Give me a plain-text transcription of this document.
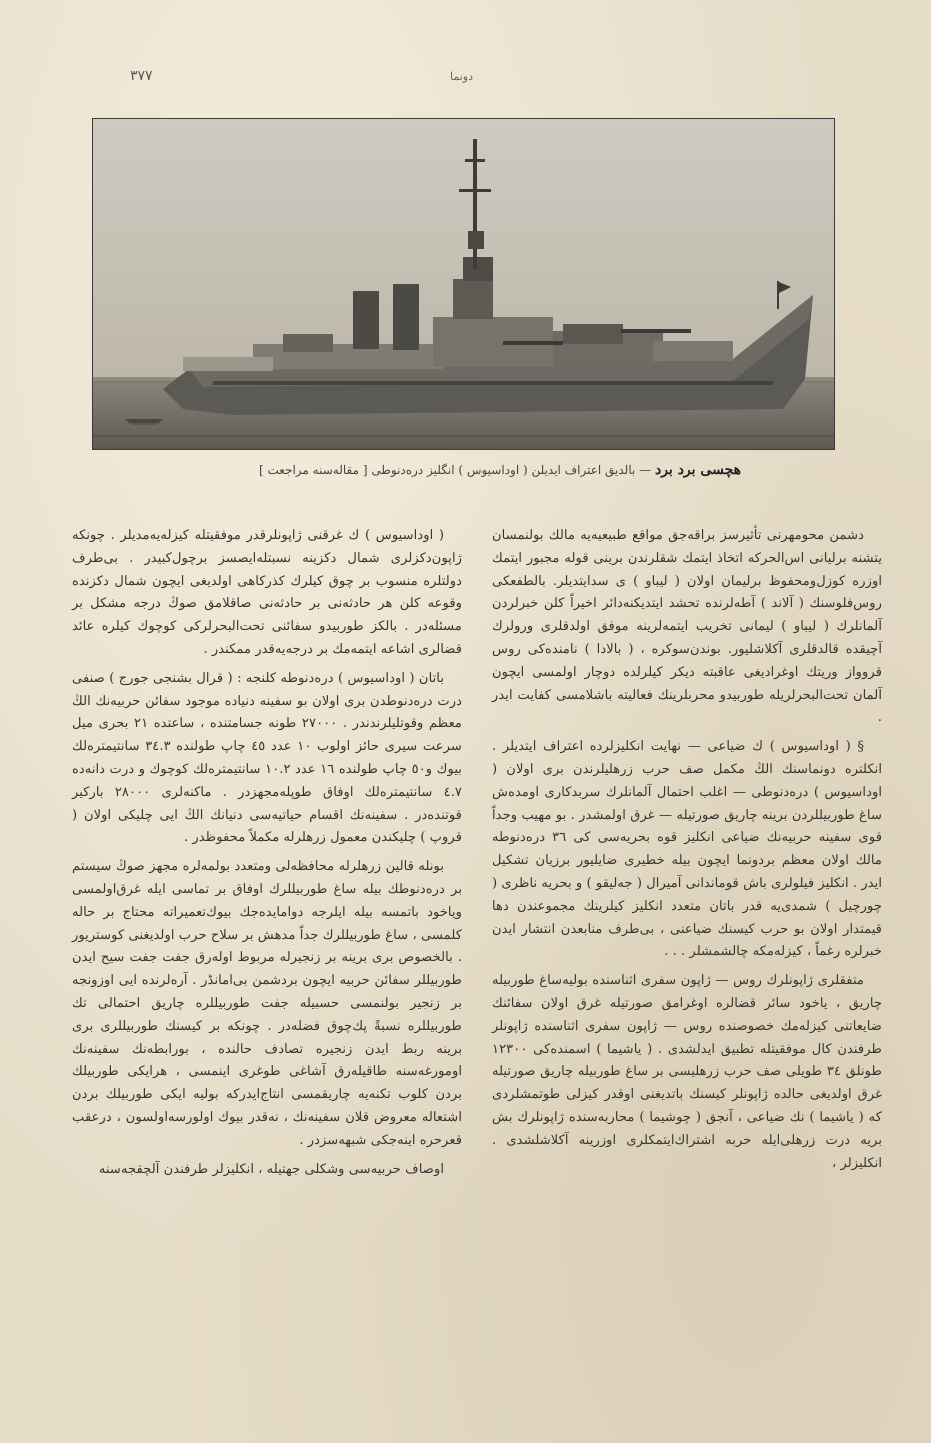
٣٧٧	دونما
هچسی برد برد — بالدیق اعتراف ایدیلن ( اوداسیوس ) انگلیز درەدنوطی [ مقالەسنە مراجعت ]

دشمن محومهرنی تأثیرسز براقەجق مواقع طبیعیەیە مالك بولنمسان یتشنه برلیانی اس‌الحرکه اتخاذ ایتمك شقلرندن برینی قوله مجبور ایتمك اوزره کوزل‌ومحفوظ برلیمان اولان ( لیباو ) ی سدایتدیلر. بالطفعکی روس‌فلوسنك ( آلاند ) آطه‌لرنده تحشد ایتدیکنه‌دائر اخیراً کلن خبرلردن آلمانلرك ( لیباو ) لیمانی تخریب ایتمەلرینه موفق اولدقلری ورولرك آچیقده قالدقلری آکلاشلیور. بوندن‌سوکره ، ( بالادا ) نامنده‌کی روس قروواز وریتك اوغرادیغی عاقبته دیکر کیلرلده دوچار اولمسی ایچون آلمان تحت‌البحرلریله طوربیدو محربلرینك فعالیته باشلامسی کفایت ایدر .

§ ( اوداسیوس ) ك ضیاعی — نهایت انکلیزلرده اعتراف ایتدیلر . انکلتره دونماسنك الڭ مکمل صف حرب زرهلیلرندن بری اولان ( اوداسیوس ) درەدنوطی — اغلب احتمال آلمانلرك سربدکاری اومدەش ساغ طوربیللردن برینه چاریق صورتیله — غرق اولمشدر . بو مهیب وجداً قوی سفینه حربیه‌نك ضیاعی انکلیز قوه بحریه‌سی کی ٣٦ درەدنوطه مالك اولان معظم بردونما ایچون بیله خطیری ضایلیور برزیان تشکیل ایدر . انکلیز فیلولری باش قوماندانی آمیرال ( جه‌لیقو ) و بحریه ناظری ( چورچیل ) شمدی‌یه قدر باتان متعدد انکلیز کیلرینك مجموعندن دها قیمتدار اولان بو حرب کیسنك ضیاعنی ، بی‌طرف منابعدن انتشار ایدن خبرلره رغماً ، کیزلەمکه چالشمشلر . . .

متفقلری ژاپونلرك روس — ژاپون سفری اثناسنده بولیه‌ساغ طوربیله چاریق ، یاخود سائر قضالره اوغرامق صورتیله غرق اولان سفائنك ضایعاتنی کیزله‌مك خصوصنده روس — ژاپون سفری اثناسنده ژاپونلر طرفندن کال موفقیتله تطبیق ایدلشدی . ( یاشیما ) اسمنده‌کی ١٢٣٠٠ طونلق ٣٤ طویلی صف حرب زرهلیسی بر ساغ طوربیله چاریق صورتیله غرق اولدیغی حالده ژاپونلر کیسنك باتدیغنی اوقدر کیزلی طوتمشلردی که ( یاشیما ) نك ضیاعی ، آنجق ( چوشیما ) محاربه‌سنده ژاپونلرك بش بریه درت زرهلی‌ایله حربه اشتراك‌ایتمکلری اوزرینه آکلاشلشدی . انکلیزلر ،

( اوداسیوس ) ك غرقنی ژاپونلرقدر موفقیتله کیزله‌یه‌مدیلر . چونکه ژاپون‌دکزلری شمال دکزینه نسبتله‌ایصسز برچول‌کبیدر . بی‌طرف دولتلره منسوب بر چوق کیلرك کذرکاهی اولدیغی ایچون شمال دکزنده وقوعه کلن هر حادثه‌نی بر حادثه‌نی صاقلامق صوڭ درجه مشکل بر مسئله‌در . بالکز طوربیدو سفائنی تحت‌البحرلرکی کوچوك کیلره عائد قضالری اشاعه ایتمەمك بر درجه‌یه‌قدر ممکندر .

باتان ( اوداسیوس ) درەدنوطه کلنجه : ( قرال بشنجی جورج ) صنفی درت درەدنوطدن بری اولان بو سفینه دنیاده موجود سفائن حربیه‌نك الڭ معظم وقوتلیلرندندر . ٢٧٠٠٠ طونه جسامتنده ، ساعتده ٢١ بحری میل سرعت سیری حائز اولوب ١٠ عدد ٤٥ چاپ طولنده ٣٤.٣ سانتیمترەلك بیوك و٥٠ چاپ طولنده ١٦ عدد ١٠.٢ سانتیمترەلك کوچوك و درت دانه‌ده ٤.٧ سانتیمترەلك اوفاق طوپلەمجهزدر . ماکنەلری ٢٨٠٠٠ بارکیر قوتنده‌در . سفینه‌نك اقسام حیاتیه‌سی دنیانك الڭ ایی چلیکی اولان ( قروپ ) چلیکندن معمول زرهلرله مکملاً محفوظدر .

بونله قالین زرهلرله محافظه‌لی ومتعدد بولمه‌لره مجهز صوڭ سیستم بر درەدنوطك بیله ساغ طوربیللرك اوفاق بر تماسی ایله غرق‌اولمسی ویاخود باتمسه بیله ایلرجه دوامایده‌جك بیوك‌تعمیراته محتاج بر حاله کلمسی ، ساغ طوربیللرك جداً مدهش بر سلاح حرب اولدیغنی کوستریور . بالخصوص بری برینه بر زنجیرله مربوط اولەرق جفت جفت سیح ایدن طوربیللر سفائن حربیه ایچون بردشمن بی‌امانڈر . آرەلرنده ایی اوزونجه بر زنجیر بولنمسی حسبیله جفت طوربیللره چاریق احتمالی تك طوربیللره نسبةً پك‌چوق فضله‌در . چونکه بر کیسنك طوربیللری بری برینه ربط ایدن زنجیره تصادف حالنده ، بورابطه‌نك سفینه‌نك اومورغه‌سنه طاقیله‌رق آشاغی طوغری اینمسی ، هرایکی طوربیلك بردن کلوب تکنه‌یه چاریقمسی انتاج‌ایدرکه بولیه ایکی طوربیلك بردن اشتعاله معروض قلان سفینه‌نك ، نه‌قدر بیوك اولورسه‌اولسون ، درعقب قعرحره اینه‌جکی شبهه‌سزدر .

اوصاف حربیه‌سی وشکلی جهتیله ، انکلیزلر طرفندن آلچقجه‌سنه
